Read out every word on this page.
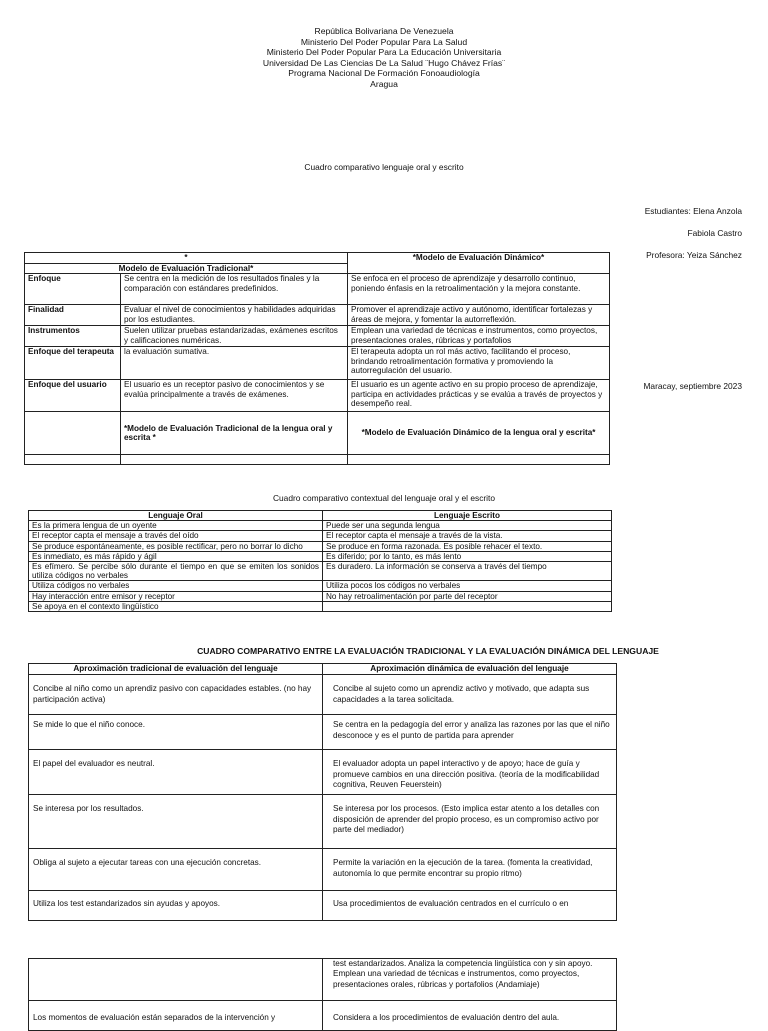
República Bolivariana De Venezuela
Ministerio Del Poder Popular Para La Salud
Ministerio Del Poder Popular Para La Educación Universitaria
Universidad De Las Ciencias De La Salud ¨Hugo Chávez Frías¨
Programa Nacional De Formación Fonoaudiología
Aragua
Cuadro comparativo lenguaje oral y escrito
Estudiantes: Elena Anzola
Fabiola Castro
Profesora: Yeiza Sánchez
Maracay, septiembre 2023
*		*Modelo de Evaluación Dinámico*
Modelo de Evaluación Tradicional*		
Enfoque	Se centra en la medición de los resultados finales y la comparación con estándares predefinidos.	Se enfoca en el proceso de aprendizaje y desarrollo continuo, poniendo énfasis en la retroalimentación y la mejora constante.
Finalidad	Evaluar el nivel de conocimientos y habilidades adquiridas por los estudiantes.	Promover el aprendizaje activo y autónomo, identificar fortalezas y áreas de mejora, y fomentar la autorreflexión.
Instrumentos	Suelen utilizar pruebas estandarizadas, exámenes escritos y calificaciones numéricas.	Emplean una variedad de técnicas e instrumentos, como proyectos, presentaciones orales, rúbricas y portafolios
Enfoque del terapeuta	la evaluación sumativa.	El terapeuta adopta un rol más activo, facilitando el proceso, brindando retroalimentación formativa y promoviendo la autorregulación del usuario.
Enfoque del usuario	El usuario es un receptor pasivo de conocimientos y se evalúa principalmente a través de exámenes.	El usuario es un agente activo en su propio proceso de aprendizaje, participa en actividades prácticas y se evalúa a través de proyectos y desempeño real.
	*Modelo de Evaluación Tradicional de la lengua oral y escrita *	*Modelo de Evaluación Dinámico de la lengua oral y escrita*

Cuadro comparativo contextual del lenguaje oral y el escrito
Lenguaje Oral	Lenguaje Escrito
Es la primera lengua de un oyente	Puede ser una segunda lengua
El receptor capta el mensaje a través del oído	El receptor capta el mensaje a través de la vista.
Se produce espontáneamente, es posible rectificar, pero no borrar lo dicho	Se produce en forma razonada. Es posible rehacer el texto.
Es inmediato, es más rápido y ágil	Es diferido; por lo tanto, es más lento
Es efímero. Se percibe sólo durante el tiempo en que se emiten los sonidos utiliza códigos no verbales	Es duradero. La información se conserva a través del tiempo
Utiliza códigos no verbales	Utiliza pocos los códigos no verbales
Hay interacción entre emisor y receptor	No hay retroalimentación por parte del receptor
Se apoya en el contexto lingüístico	
CUADRO COMPARATIVO ENTRE LA EVALUACIÓN TRADICIONAL Y LA EVALUACIÓN DINÁMICA DEL LENGUAJE
Aproximación tradicional de evaluación del lenguaje	Aproximación dinámica de evaluación del lenguaje
Concibe al niño como un aprendiz pasivo con capacidades estables. (no hay participación activa)	Concibe al sujeto como un aprendiz activo y motivado, que adapta sus capacidades a la tarea solicitada.
Se mide lo que el niño conoce.	Se centra en la pedagogía del error y analiza las razones por las que el niño desconoce y es el punto de partida para aprender
El papel del evaluador es neutral.	El evaluador adopta un papel interactivo y de apoyo; hace de guía y promueve cambios en una dirección positiva. (teoría de la modificabilidad cognitiva, Reuven Feuerstein)
Se interesa por los resultados.	Se interesa por los procesos. (Esto implica estar atento a los detalles con disposición de aprender del propio proceso, es un compromiso activo por parte del mediador)
Obliga al sujeto a ejecutar tareas con una ejecución concretas.	Permite la variación en la ejecución de la tarea. (fomenta la creatividad, autonomía lo que permite encontrar su propio ritmo)
Utiliza los test estandarizados sin ayudas y apoyos.	Usa procedimientos de evaluación centrados en el currículo o en
	test estandarizados. Analiza la competencia lingüística con y sin apoyo. Emplean una variedad de técnicas e instrumentos, como proyectos, presentaciones orales, rúbricas y portafolios (Andamiaje)
Los momentos de evaluación están separados de la intervención y	Considera a los procedimientos de evaluación dentro del aula.
